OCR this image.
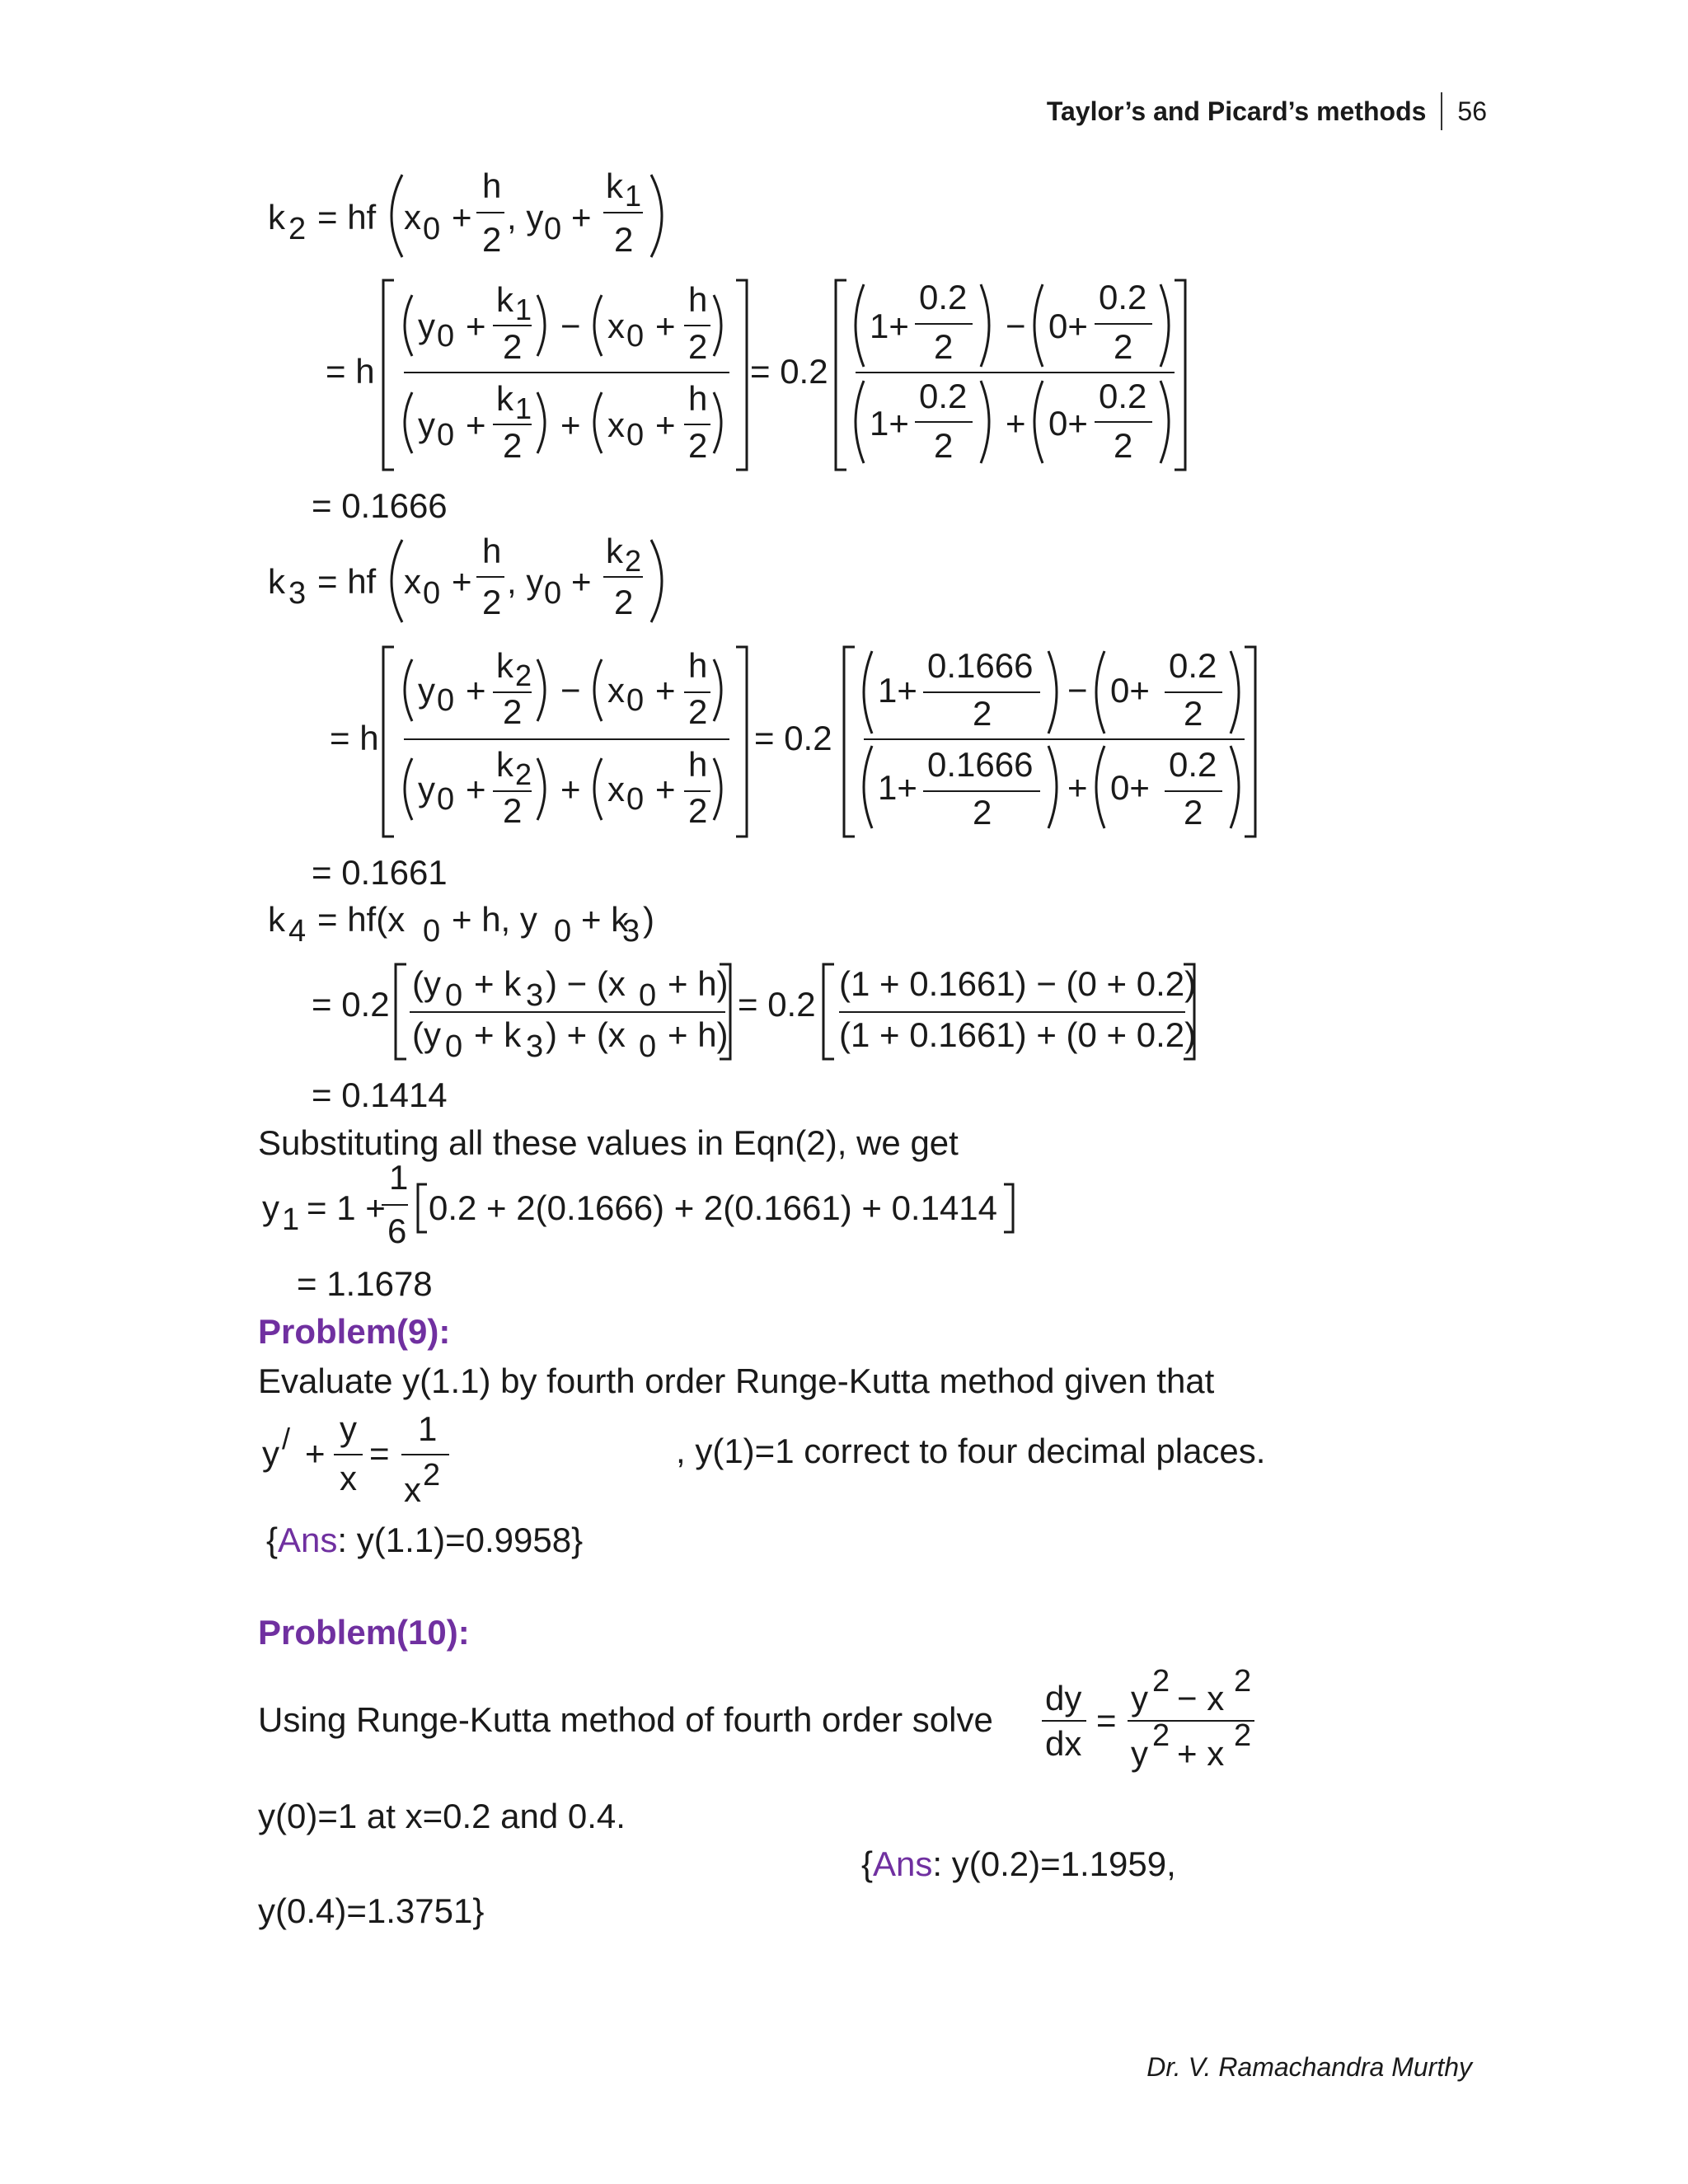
Taylor’s and Picard’s methods 56
k 2 = hf x 0 +
h
2
, y 0 +
k 1
2
= h
y 0 +
k 1
2
− x 0 +
h
2
y 0 +
k 1
2
+ x 0 +
h
2
= 0.2
1+
0.2
2
− 0+
0.2
2
1+
0.2
2
+ 0+
0.2
2
= 0.1666
k 3 = hf x 0 +
h
2
, y 0 +
k 2
2
= h
y 0 +
k 2
2
− x 0 +
h
2
y 0 +
k 2
2
+ x 0 +
h
2
= 0.2
1+
0.1666
2
− 0+
0.2
2
1+
0.1666
2
+ 0+
0.2
2
= 0.1661
k 4 = hf(x 0 + h, y 0 + k
3 )
= 0.2
(y 0 + k 3 ) − (x 0 + h)
(y 0 + k 3 ) + (x 0 + h)
= 0.2
(1 + 0.1661) − (0 + 0.2)
(1 + 0.1661) + (0 + 0.2)
= 0.1414
y 1 = 1 +
1
6
0.2 + 2(0.1666) + 2(0.1661) + 0.1414
= 1.1678
y / +
y
x
=
1
x 2
dy
dx
=
y 2 − x 2
y 2 + x 2
Substituting all these values in Eqn(2), we get
Problem(9):
Evaluate y(1.1) by fourth order Runge-Kutta method given that
, y(1)=1 correct to four decimal places.
{Ans: y(1.1)=0.9958}
Problem(10):
Using Runge-Kutta method of fourth order solve
y(0)=1 at x=0.2 and 0.4.
{Ans: y(0.2)=1.1959,
y(0.4)=1.3751}
Dr. V. Ramachandra Murthy
